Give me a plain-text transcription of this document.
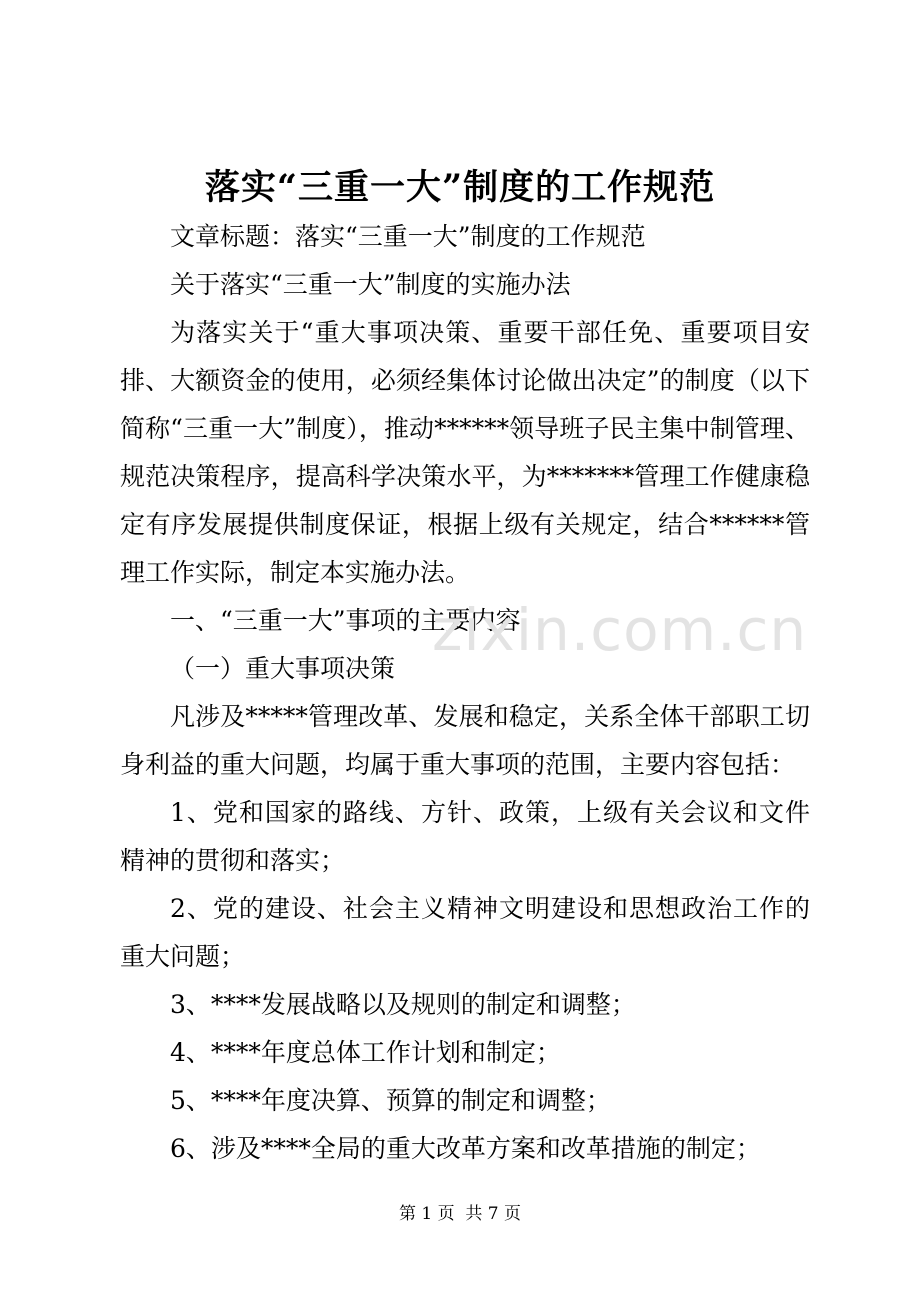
落实“三重一大”制度的工作规范

文章标题：落实“三重一大”制度的工作规范

关于落实“三重一大”制度的实施办法

为落实关于“重大事项决策、重要干部任免、重要项目安排、大额资金的使用，必须经集体讨论做出决定”的制度（以下简称“三重一大”制度），推动******领导班子民主集中制管理、规范决策程序，提高科学决策水平，为*******管理工作健康稳定有序发展提供制度保证，根据上级有关规定，结合******管理工作实际，制定本实施办法。

一、“三重一大”事项的主要内容

（一）重大事项决策

凡涉及*****管理改革、发展和稳定，关系全体干部职工切身利益的重大问题，均属于重大事项的范围，主要内容包括：

1、党和国家的路线、方针、政策，上级有关会议和文件精神的贯彻和落实；

2、党的建设、社会主义精神文明建设和思想政治工作的重大问题；

3、****发展战略以及规则的制定和调整；

4、****年度总体工作计划和制定；

5、****年度决算、预算的制定和调整；

6、涉及****全局的重大改革方案和改革措施的制定；

zixin.com.cn
第 1 页  共 7 页
